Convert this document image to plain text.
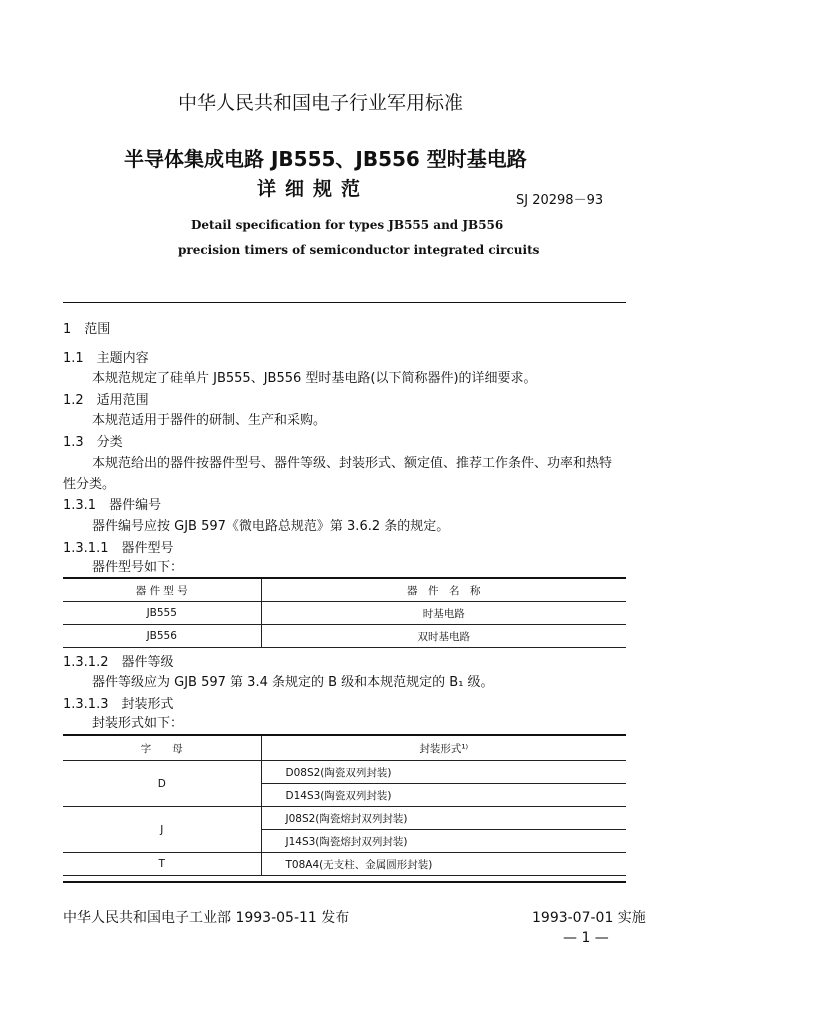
中华人民共和国电子行业军用标准
半导体集成电路 JB555、JB556 型时基电路
详细规范
SJ 20298－93
Detail specification for types JB555 and JB556
precision timers of semiconductor integrated circuits
1　范围
1.1　主题内容
本规范规定了硅单片 JB555、JB556 型时基电路(以下简称器件)的详细要求。
1.2　适用范围
本规范适用于器件的研制、生产和采购。
1.3　分类
本规范给出的器件按器件型号、器件等级、封装形式、额定值、推荐工作条件、功率和热特
性分类。
1.3.1　器件编号
器件编号应按 GJB 597《微电路总规范》第 3.6.2 条的规定。
1.3.1.1　器件型号
器件型号如下：
器 件 型 号	器　件　名　称
JB555	时基电路
JB556	双时基电路
1.3.1.2　器件等级
器件等级应为 GJB 597 第 3.4 条规定的 B 级和本规范规定的 B₁ 级。
1.3.1.3　封装形式
封装形式如下：
字　　母	封装形式¹⁾
D	D08S2(陶瓷双列封装)
	D14S3(陶瓷双列封装)
J	J08S2(陶瓷熔封双列封装)
	J14S3(陶瓷熔封双列封装)
T	T08A4(无支柱、金属圆形封装)
中华人民共和国电子工业部 1993-05-11 发布	1993-07-01 实施
— 1 —
